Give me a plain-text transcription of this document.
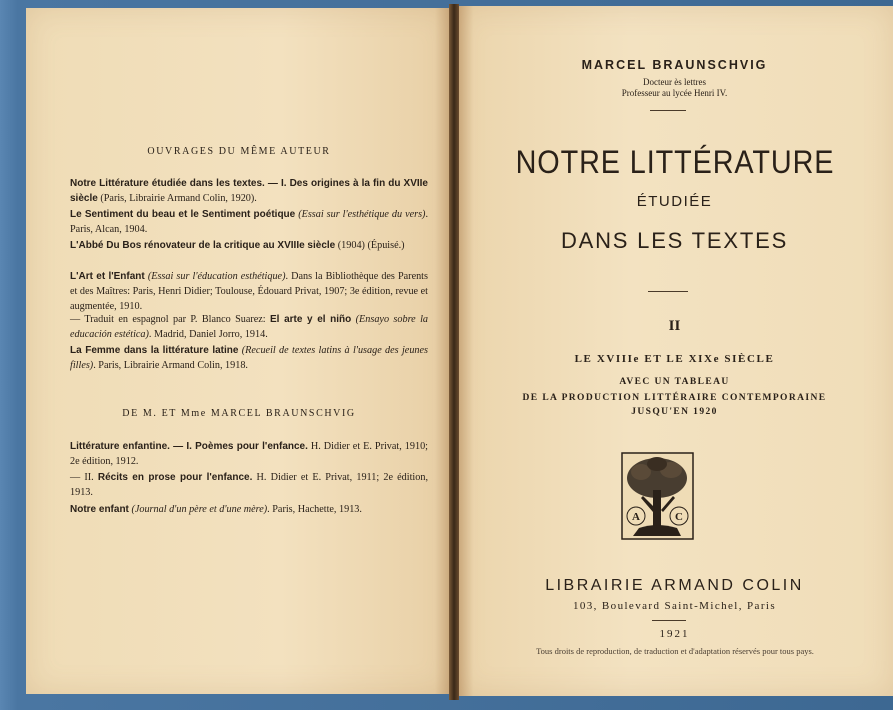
OUVRAGES DU MÊME AUTEUR
Notre Littérature étudiée dans les textes. — I. Des origines à la fin du XVIIe siècle (Paris, Librairie Armand Colin, 1920).
Le Sentiment du beau et le Sentiment poétique (Essai sur l'esthétique du vers). Paris, Alcan, 1904.
L'Abbé Du Bos rénovateur de la critique au XVIIIe siècle (1904) (Épuisé.)
L'Art et l'Enfant (Essai sur l'éducation esthétique). Dans la Bibliothèque des Parents et des Maîtres: Paris, Henri Didier; Toulouse, Édouard Privat, 1907; 3e édition, revue et augmentée, 1910.
— Traduit en espagnol par P. Blanco Suarez: El arte y el niño (Ensayo sobre la educación estética). Madrid, Daniel Jorro, 1914.
La Femme dans la littérature latine (Recueil de textes latins à l'usage des jeunes filles). Paris, Librairie Armand Colin, 1918.
DE M. ET Mme MARCEL BRAUNSCHVIG
Littérature enfantine. — I. Poèmes pour l'enfance. H. Didier et E. Privat, 1910; 2e édition, 1912.
— II. Récits en prose pour l'enfance. H. Didier et E. Privat, 1911; 2e édition, 1913.
Notre enfant (Journal d'un père et d'une mère). Paris, Hachette, 1913.
MARCEL BRAUNSCHVIG
Docteur ès lettres
Professeur au lycée Henri IV.
NOTRE LITTÉRATURE
ÉTUDIÉE
DANS LES TEXTES
II
LE XVIIIe ET LE XIXe SIÈCLE
AVEC UN TABLEAU
DE LA PRODUCTION LITTÉRAIRE CONTEMPORAINE
JUSQU'EN 1920
A	C
LIBRAIRIE ARMAND COLIN
103, Boulevard Saint-Michel, Paris
1921
Tous droits de reproduction, de traduction et d'adaptation réservés pour tous pays.
